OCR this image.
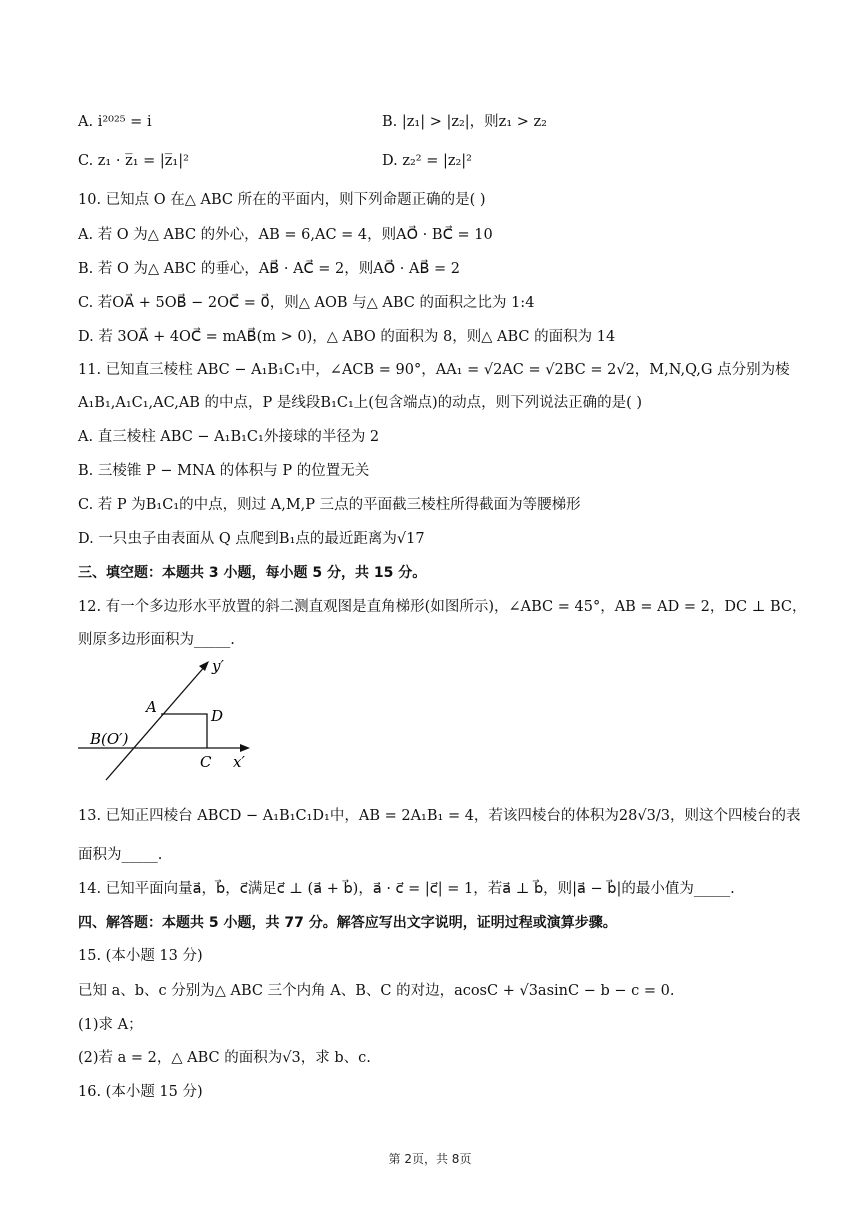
A. i²⁰²⁵ = i	B. |z₁| > |z₂|，则z₁ > z₂
C. z₁ · z̅₁ = |z̅₁|²	D. z₂² = |z₂|²
10. 已知点 O 在△ ABC 所在的平面内，则下列命题正确的是( )
A. 若 O 为△ ABC 的外心，AB = 6,AC = 4，则AO⃗ · BC⃗ = 10
B. 若 O 为△ ABC 的垂心，AB⃗ · AC⃗ = 2，则AO⃗ · AB⃗ = 2
C. 若OA⃗ + 5OB⃗ − 2OC⃗ = 0⃗，则△ AOB 与△ ABC 的面积之比为 1:4
D. 若 3OA⃗ + 4OC⃗ = mAB⃗(m > 0)，△ ABO 的面积为 8，则△ ABC 的面积为 14
11. 已知直三棱柱 ABC − A₁B₁C₁中，∠ACB = 90°，AA₁ = √2AC = √2BC = 2√2，M,N,Q,G 点分别为棱
A₁B₁,A₁C₁,AC,AB 的中点，P 是线段B₁C₁上(包含端点)的动点，则下列说法正确的是( )
A. 直三棱柱 ABC − A₁B₁C₁外接球的半径为 2
B. 三棱锥 P − MNA 的体积与 P 的位置无关
C. 若 P 为B₁C₁的中点，则过 A,M,P 三点的平面截三棱柱所得截面为等腰梯形
D. 一只虫子由表面从 Q 点爬到B₁点的最近距离为√17
三、填空题：本题共 3 小题，每小题 5 分，共 15 分。
12. 有一个多边形水平放置的斜二测直观图是直角梯形(如图所示)，∠ABC = 45°，AB = AD = 2，DC ⊥ BC，
则原多边形面积为_____.
y′
x′
A	D
B(O′)
C
13. 已知正四棱台 ABCD − A₁B₁C₁D₁中，AB = 2A₁B₁ = 4，若该四棱台的体积为28√3/3，则这个四棱台的表
面积为_____.
14. 已知平面向量a⃗，b⃗，c⃗满足c⃗ ⊥ (a⃗ + b⃗)，a⃗ · c⃗ = |c⃗| = 1，若a⃗ ⊥ b⃗，则|a⃗ − b⃗|的最小值为_____.
四、解答题：本题共 5 小题，共 77 分。解答应写出文字说明，证明过程或演算步骤。
15. (本小题 13 分)
已知 a、b、c 分别为△ ABC 三个内角 A、B、C 的对边，acosC + √3asinC − b − c = 0.
(1)求 A；
(2)若 a = 2，△ ABC 的面积为√3，求 b、c.
16. (本小题 15 分)
第 2页，共 8页
